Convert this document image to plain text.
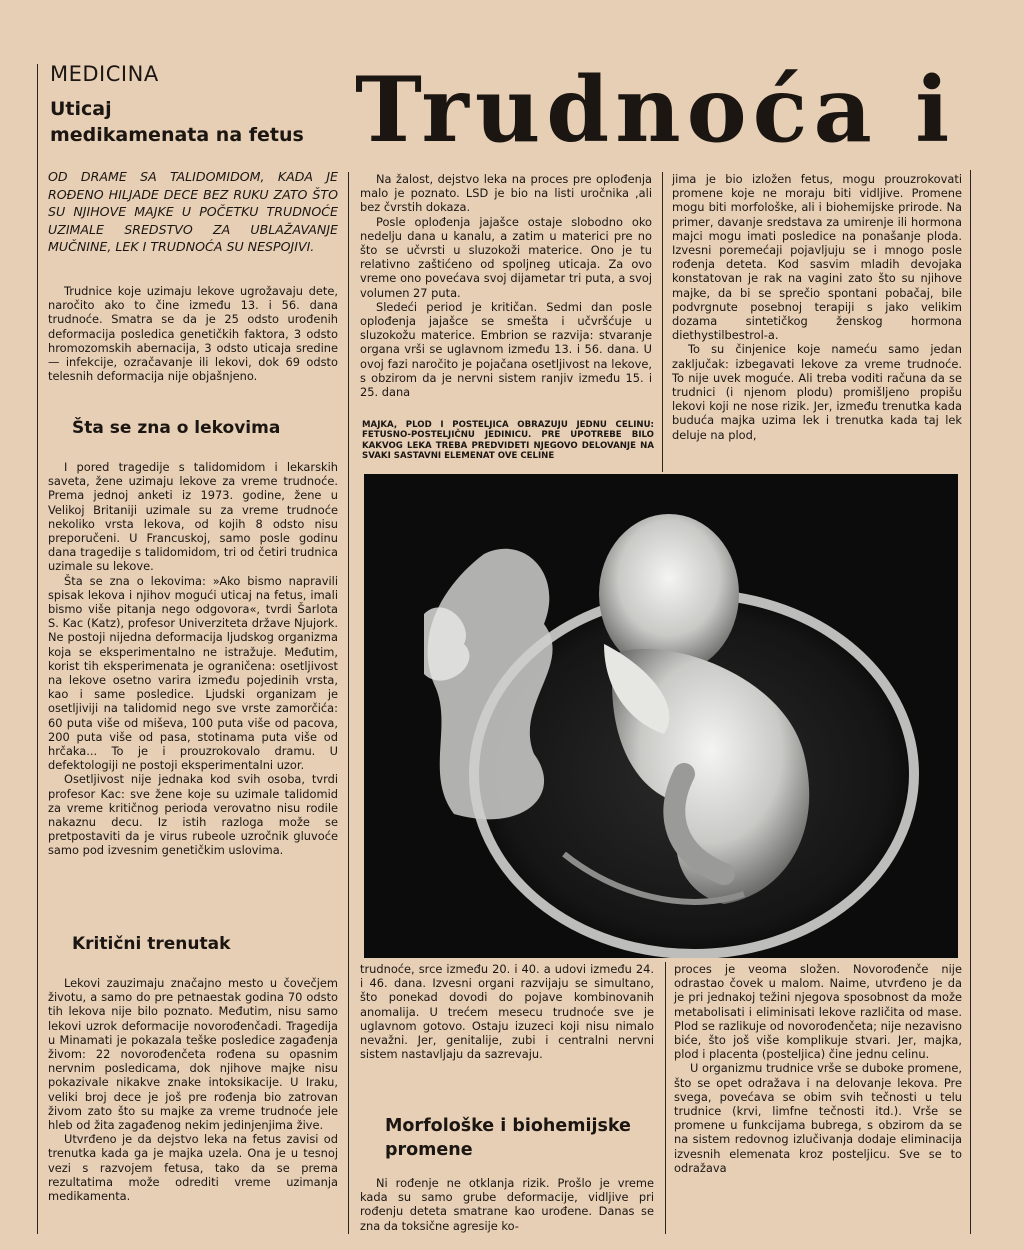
MEDICINA
Uticaj
medikamenata na fetus Trudnoća i
OD DRAME SA TALIDOMIDOM, KADA JE ROĐENO HILJADE DECE BEZ RUKU ZATO ŠTO SU NJIHOVE MAJKE U POČETKU TRUDNOĆE UZIMALE SREDSTVO ZA UBLAŽAVANJE MUČNINE, LEK I TRUDNOĆA SU NESPOJIVI.

Trudnice koje uzimaju lekove ugrožavaju dete, naročito ako to čine između 13. i 56. dana trudnoće. Smatra se da je 25 odsto urođenih deformacija posledica genetičkih faktora, 3 odsto hromozomskih abernacija, 3 odsto uticaja sredine — infekcije, ozračavanje ili lekovi, dok 69 odsto telesnih deformacija nije objašnjeno.

Šta se zna o lekovima

I pored tragedije s talidomidom i lekarskih saveta, žene uzimaju lekove za vreme trudnoće. Prema jednoj anketi iz 1973. godine, žene u Velikoj Britaniji uzimale su za vreme trudnoće nekoliko vrsta lekova, od kojih 8 odsto nisu preporučeni. U Francuskoj, samo posle godinu dana tragedije s talidomidom, tri od četiri trudnica uzimale su lekove.

Šta se zna o lekovima: »Ako bismo napravili spisak lekova i njihov mogući uticaj na fetus, imali bismo više pitanja nego odgovora«, tvrdi Šarlota S. Kac (Katz), profesor Univerziteta države Njujork. Ne postoji nijedna deformacija ljudskog organizma koja se eksperimentalno ne istražuje. Međutim, korist tih eksperimenata je ograničena: osetljivost na lekove osetno varira između pojedinih vrsta, kao i same posledice. Ljudski organizam je osetljiviji na talidomid nego sve vrste zamorčića: 60 puta više od miševa, 100 puta više od pacova, 200 puta više od pasa, stotinama puta više od hrčaka... To je i prouzrokovalo dramu. U defektologiji ne postoji eksperimentalni uzor.

Osetljivost nije jednaka kod svih osoba, tvrdi profesor Kac: sve žene koje su uzimale talidomid za vreme kritičnog perioda verovatno nisu rodile nakaznu decu. Iz istih razloga može se pretpostaviti da je virus rubeole uzročnik gluvoće samo pod izvesnim genetičkim uslovima.

Kritični trenutak

Lekovi zauzimaju značajno mesto u čovečjem životu, a samo do pre petnaestak godina 70 odsto tih lekova nije bilo poznato. Međutim, nisu samo lekovi uzrok deformacije novorođenčadi. Tragedija u Minamati je pokazala teške posledice zagađenja živom: 22 novorođenčeta rođena su opasnim nervnim posledicama, dok njihove majke nisu pokazivale nikakve znake intoksikacije. U Iraku, veliki broj dece je još pre rođenja bio zatrovan živom zato što su majke za vreme trudnoće jele hleb od žita zagađenog nekim jedinjenjima žive.

Utvrđeno je da dejstvo leka na fetus zavisi od trenutka kada ga je majka uzela. Ona je u tesnoj vezi s razvojem fetusa, tako da se prema rezultatima može odrediti vreme uzimanja medikamenta.

Na žalost, dejstvo leka na proces pre oplođenja malo je poznato. LSD je bio na listi uročnika ,ali bez čvrstih dokaza.

Posle oplođenja jajašce ostaje slobodno oko nedelju dana u kanalu, a zatim u materici pre no što se učvrsti u sluzokoži materice. Ono je tu relativno zaštićeno od spoljneg uticaja. Za ovo vreme ono povećava svoj dijametar tri puta, a svoj volumen 27 puta.

Sledeći period je kritičan. Sedmi dan posle oplođenja jajašce se smešta i učvršćuje u sluzokožu materice. Embrion se razvija: stvaranje organa vrši se uglavnom između 13. i 56. dana. U ovoj fazi naročito je pojačana osetljivost na lekove, s obzirom da je nervni sistem ranjiv između 15. i 25. dana

MAJKA, PLOD I POSTELJICA OBRAZUJU JEDNU CELINU: FETUSNO-POSTELJIČNU JEDINICU. PRE UPOTREBE BILO KAKVOG LEKA TREBA PREDVIDETI NJEGOVO DELOVANJE NA SVAKI SASTAVNI ELEMENAT OVE CELINE

jima je bio izložen fetus, mogu prouzrokovati promene koje ne moraju biti vidljive. Promene mogu biti morfološke, ali i biohemijske prirode. Na primer, davanje sredstava za umirenje ili hormona majci mogu imati posledice na ponašanje ploda. Izvesni poremećaji pojavljuju se i mnogo posle rođenja deteta. Kod sasvim mladih devojaka konstatovan je rak na vagini zato što su njihove majke, da bi se sprečio spontani pobačaj, bile podvrgnute posebnoj terapiji s jako velikim dozama sintetičkog ženskog hormona diethystilbestrol-a.

To su činjenice koje nameću samo jedan zaključak: izbegavati lekove za vreme trudnoće. To nije uvek moguće. Ali treba voditi računa da se trudnici (i njenom plodu) promišljeno propišu lekovi koji ne nose rizik. Jer, između trenutka kada buduća majka uzima lek i trenutka kada taj lek deluje na plod,

trudnoće, srce između 20. i 40. a udovi između 24. i 46. dana. Izvesni organi razvijaju se simultano, što ponekad dovodi do pojave kombinovanih anomalija. U trećem mesecu trudnoće sve je uglavnom gotovo. Ostaju izuzeci koji nisu nimalo nevažni. Jer, genitalije, zubi i centralni nervni sistem nastavljaju da sazrevaju.

Morfološke i biohemijske
promene

Ni rođenje ne otklanja rizik. Prošlo je vreme kada su samo grube deformacije, vidljive pri rođenju deteta smatrane kao urođene. Danas se zna da toksične agresije ko-

proces je veoma složen. Novorođenče nije odrastao čovek u malom. Naime, utvrđeno je da je pri jednakoj težini njegova sposobnost da može metabolisati i eliminisati lekove različita od mase. Plod se razlikuje od novorođenčeta; nije nezavisno biće, što još više komplikuje stvari. Jer, majka, plod i placenta (posteljica) čine jednu celinu.

U organizmu trudnice vrše se duboke promene, što se opet odražava i na delovanje lekova. Pre svega, povećava se obim svih tečnosti u telu trudnice (krvi, limfne tečnosti itd.). Vrše se promene u funkcijama bubrega, s obzirom da se na sistem redovnog izlučivanja dodaje eliminacija izvesnih elemenata kroz posteljicu. Sve se to odražava
